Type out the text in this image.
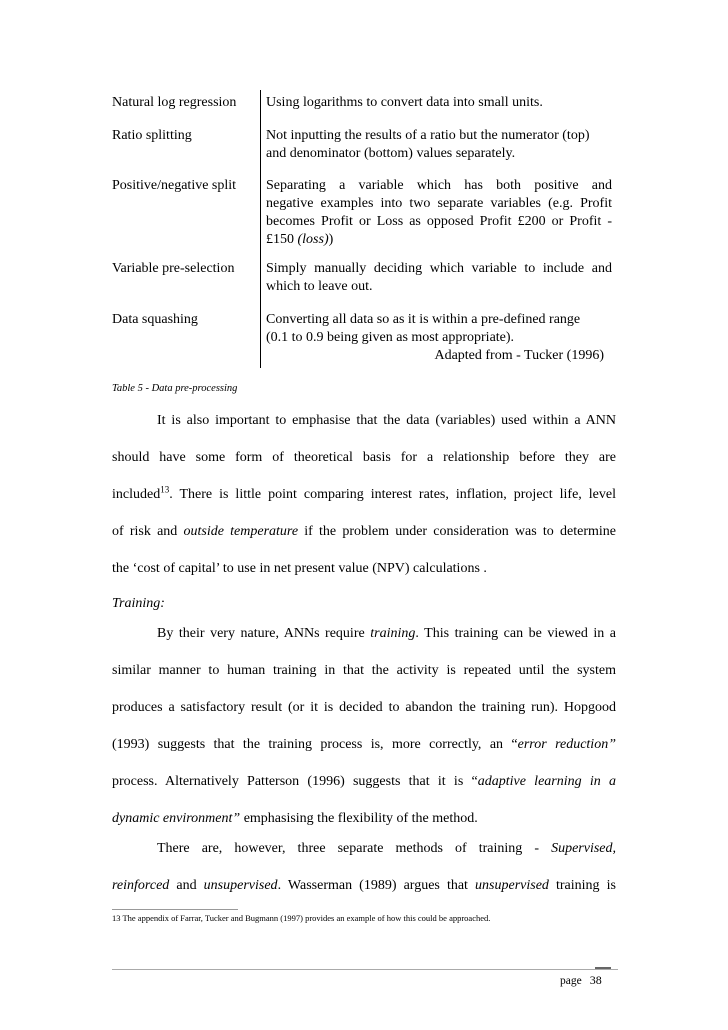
Natural log regression	Using logarithms to convert data into small units.
Ratio splitting	Not inputting the results of a ratio but the numerator (top)
and denominator (bottom) values separately.
Positive/negative split	Separating a variable which has both positive and
negative examples into two separate variables (e.g. Profit
becomes Profit or Loss as opposed Profit £200 or Profit -
£150 (loss))
Variable pre-selection	Simply manually deciding which variable to include and
which to leave out.
Data squashing	Converting all data so as it is within a pre-defined range
(0.1 to 0.9 being given as most appropriate).
Adapted from - Tucker (1996)
Table 5 - Data pre-processing
It is also important to emphasise that the data (variables) used within a ANN
should have some form of theoretical basis for a relationship before they are
included$^{13}$. There is little point comparing interest rates, inflation, project life, level
of risk and outside temperature if the problem under consideration was to determine
the ‘cost of capital’ to use in net present value (NPV) calculations .
Training:
By their very nature, ANNs require training. This training can be viewed in a
similar manner to human training in that the activity is repeated until the system
produces a satisfactory result (or it is decided to abandon the training run). Hopgood
(1993) suggests that the training process is, more correctly, an “error reduction”
process. Alternatively Patterson (1996) suggests that it is “adaptive learning in a
dynamic environment” emphasising the flexibility of the method.
There are, however, three separate methods of training - Supervised,
reinforced and unsupervised. Wasserman (1989) argues that unsupervised training is
13 The appendix of Farrar, Tucker and Bugmann (1997) provides an example of how this could be approached.
page 38
